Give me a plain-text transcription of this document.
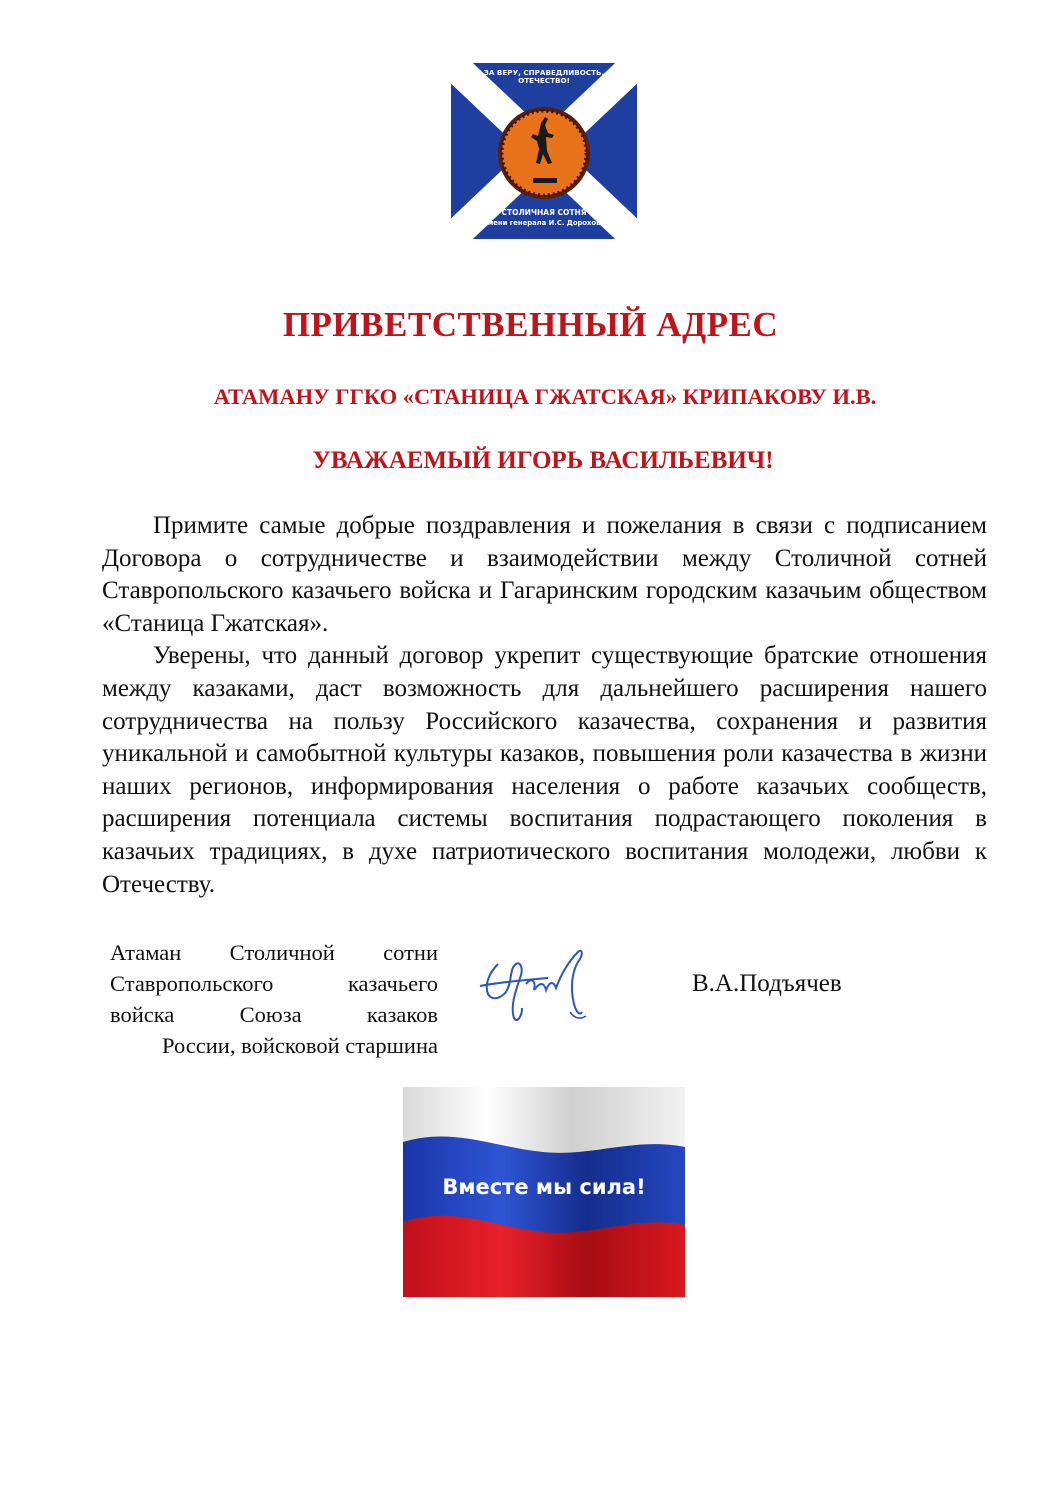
ЗА ВЕРУ, СПРАВЕДЛИВОСТЬ, ОТЕЧЕСТВО!
СТОЛИЧНАЯ СОТНЯ
имени генерала И.С. Дорохова
ПРИВЕТСТВЕННЫЙ АДРЕС
АТАМАНУ ГГКО «СТАНИЦА ГЖАТСКАЯ» КРИПАКОВУ И.В.
УВАЖАЕМЫЙ ИГОРЬ ВАСИЛЬЕВИЧ!

Примите самые добрые поздравления и пожелания в связи с подписанием Договора о сотрудничестве и взаимодействии между Столичной сотней Ставропольского казачьего войска и Гагаринским городским казачьим обществом «Станица Гжатская».

Уверены, что данный договор укрепит существующие братские отношения между казаками, даст возможность для дальнейшего расширения нашего сотрудничества на пользу Российского казачества, сохранения и развития уникальной и самобытной культуры казаков, повышения роли казачества в жизни наших регионов, информирования населения о работе казачьих сообществ, расширения потенциала системы воспитания подрастающего поколения в казачьих традициях, в духе патриотического воспитания молодежи, любви к Отечеству.

Атаман Столичной сотни
Ставропольского казачьего
войска Союза казаков
России, войсковой старшина
В.А.Подъячев
Вместе мы сила!
